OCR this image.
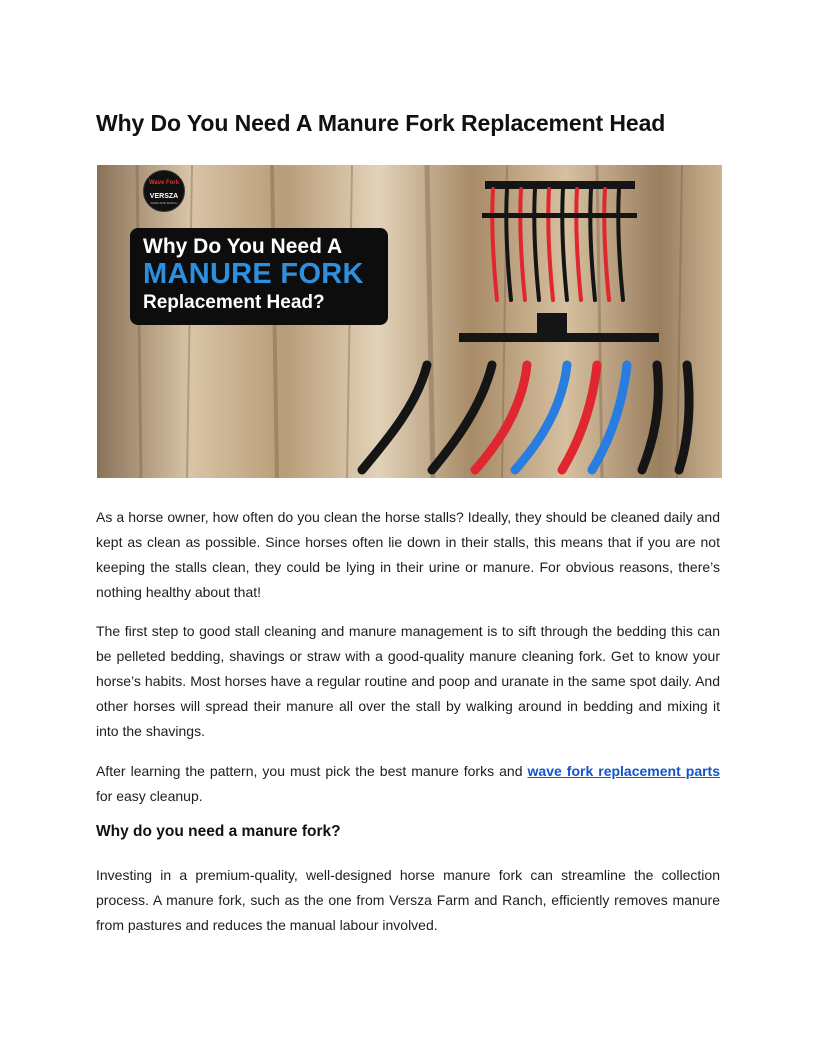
Why Do You Need A Manure Fork Replacement Head
Wave Fork
VERSZA
FARM AND RANCH
Why Do You Need A
MANURE FORK
Replacement Head?

As a horse owner, how often do you clean the horse stalls? Ideally, they should be cleaned daily and kept as clean as possible. Since horses often lie down in their stalls, this means that if you are not keeping the stalls clean, they could be lying in their urine or manure. For obvious reasons, there’s nothing healthy about that!

The first step to good stall cleaning and manure management is to sift through the bedding this can be pelleted bedding, shavings or straw with a good-quality manure cleaning fork. Get to know your horse’s habits. Most horses have a regular routine and poop and uranate in the same spot daily. And other horses will spread their manure all over the stall by walking around in bedding and mixing it into the shavings.

After learning the pattern, you must pick the best manure forks and wave fork replacement parts for easy cleanup.

Why do you need a manure fork?

Investing in a premium-quality, well-designed horse manure fork can streamline the collection process. A manure fork, such as the one from Versza Farm and Ranch, efficiently removes manure from pastures and reduces the manual labour involved.
